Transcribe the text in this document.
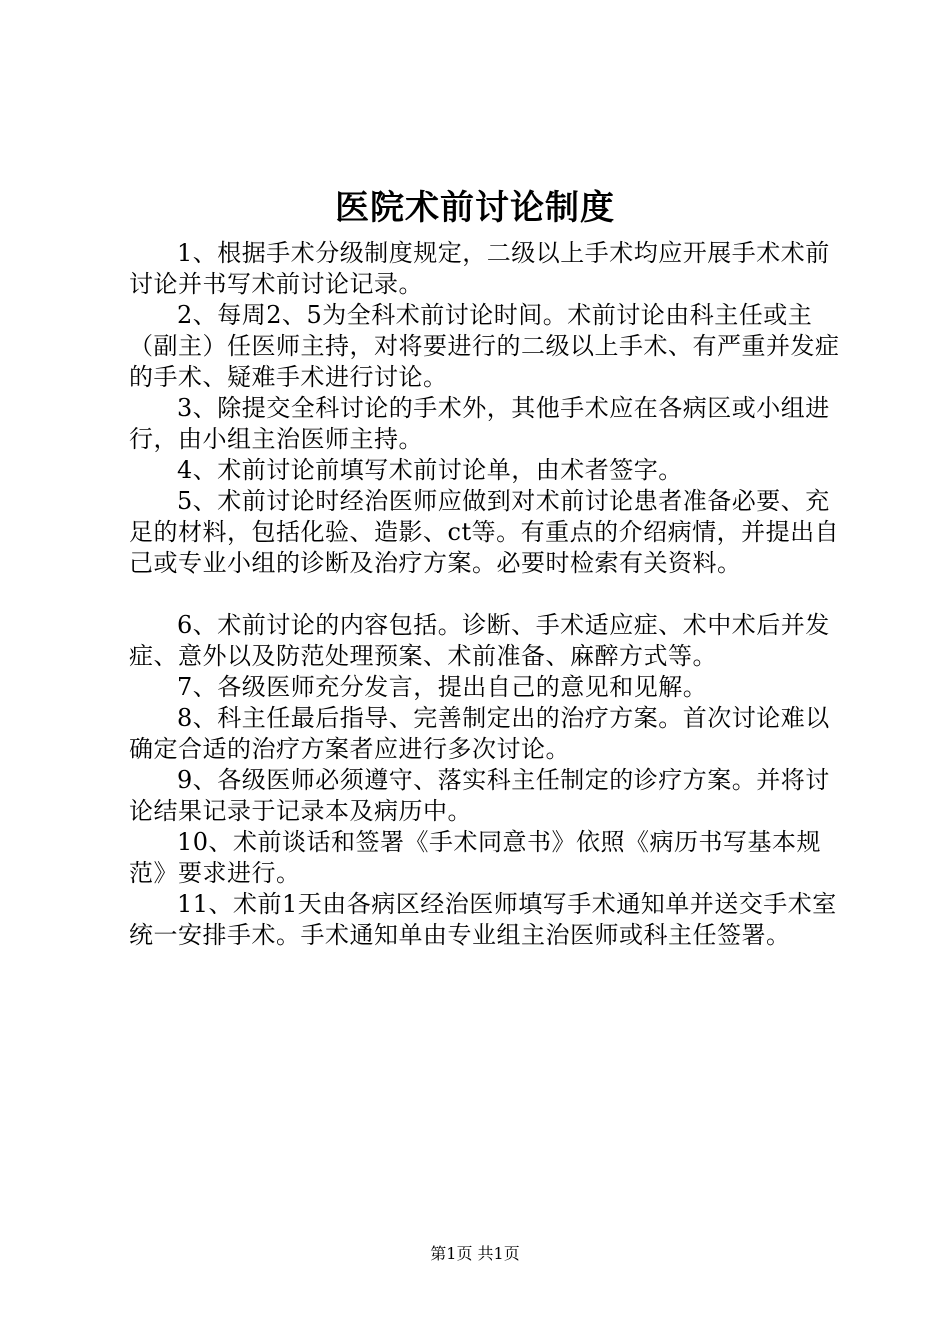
医院术前讨论制度

1、根据手术分级制度规定，二级以上手术均应开展手术术前讨论并书写术前讨论记录。

2、每周2、5为全科术前讨论时间。术前讨论由科主任或主（副主）任医师主持，对将要进行的二级以上手术、有严重并发症的手术、疑难手术进行讨论。

3、除提交全科讨论的手术外，其他手术应在各病区或小组进行，由小组主治医师主持。

4、术前讨论前填写术前讨论单，由术者签字。

5、术前讨论时经治医师应做到对术前讨论患者准备必要、充足的材料，包括化验、造影、ct等。有重点的介绍病情，并提出自己或专业小组的诊断及治疗方案。必要时检索有关资料。

6、术前讨论的内容包括。诊断、手术适应症、术中术后并发症、意外以及防范处理预案、术前准备、麻醉方式等。

7、各级医师充分发言，提出自己的意见和见解。

8、科主任最后指导、完善制定出的治疗方案。首次讨论难以确定合适的治疗方案者应进行多次讨论。

9、各级医师必须遵守、落实科主任制定的诊疗方案。并将讨论结果记录于记录本及病历中。

10、术前谈话和签署《手术同意书》依照《病历书写基本规范》要求进行。

11、术前1天由各病区经治医师填写手术通知单并送交手术室统一安排手术。手术通知单由专业组主治医师或科主任签署。

第1页 共1页
